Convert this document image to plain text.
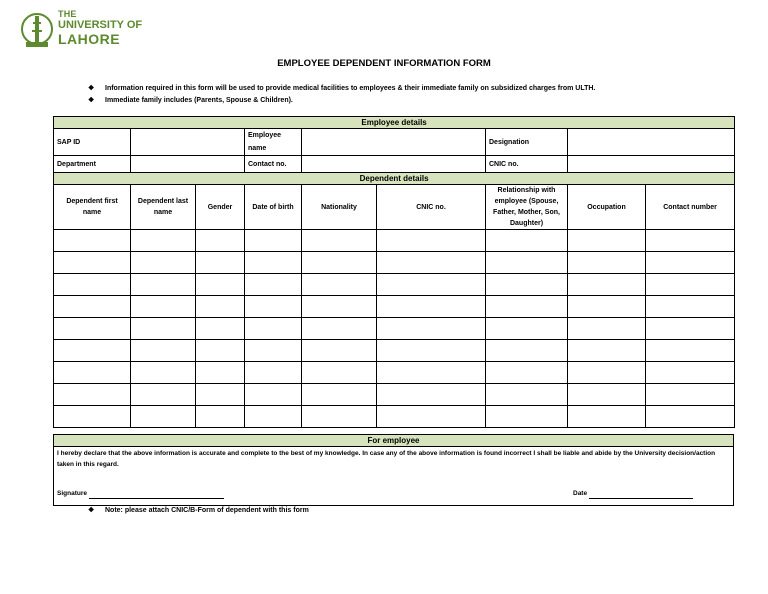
THE
UNIVERSITY OF
LAHORE
EMPLOYEE DEPENDENT INFORMATION FORM
❖ Information required in this form will be used to provide medical facilities to employees & their immediate family on subsidized charges from ULTH.
❖ Immediate family includes (Parents, Spouse & Children).
Employee details								
SAP ID			Employee name			Designation		
Department			Contact no.			CNIC no.		
Dependent details								
Dependent first name	Dependent last name	Gender	Date of birth	Nationality	CNIC no.	Relationship with employee (Spouse, Father, Mother, Son, Daughter)	Occupation	Contact number

For employee
I hereby declare that the above information is accurate and complete to the best of my knowledge. In case any of the above information is found incorrect I shall be liable and abide by the University decision/action taken in this regard.
Signature	Date
❖ Note: please attach CNIC/B-Form of dependent with this form
